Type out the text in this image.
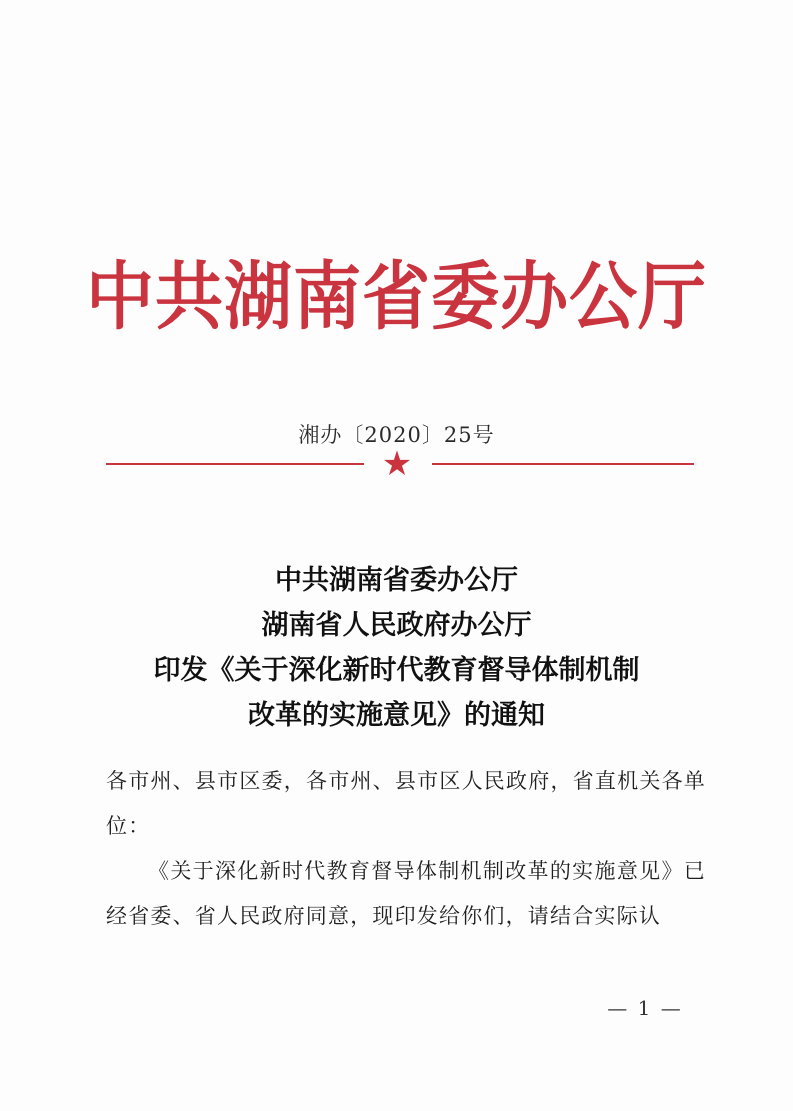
中共湖南省委办公厅
湘办〔2020〕25号
★
中共湖南省委办公厅
湖南省人民政府办公厅
印发《关于深化新时代教育督导体制机制
改革的实施意见》的通知

各市州、县市区委，各市州、县市区人民政府，省直机关各单位：

《关于深化新时代教育督导体制机制改革的实施意见》已经省委、省人民政府同意，现印发给你们，请结合实际认

— 1 —
